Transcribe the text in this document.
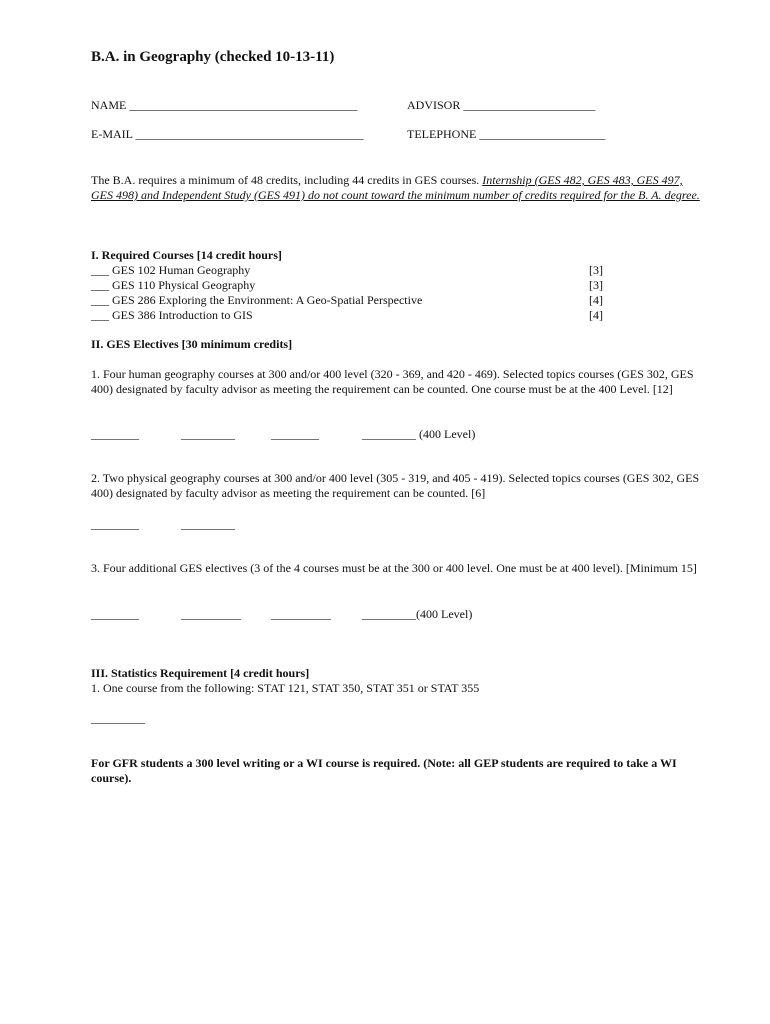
B.A. in Geography (checked 10-13-11)
NAME ______________________________________	ADVISOR ______________________
E-MAIL ______________________________________	TELEPHONE _____________________
The B.A. requires a minimum of 48 credits, including 44 credits in GES courses. Internship (GES 482, GES 483, GES 497, GES 498) and Independent Study (GES 491) do not count toward the minimum number of credits required for the B. A. degree.
I. Required Courses [14 credit hours]
___ GES 102 Human Geography	[3]
___ GES 110 Physical Geography	[3]
___ GES 286 Exploring the Environment: A Geo-Spatial Perspective	[4]
___ GES 386 Introduction to GIS	[4]
II. GES Electives [30 minimum credits]
1. Four human geography courses at 300 and/or 400 level (320 - 369, and 420 - 469). Selected topics courses (GES 302, GES 400) designated by faculty advisor as meeting the requirement can be counted. One course must be at the 400 Level. [12]
________	_________	________	_________ (400 Level)
2. Two physical geography courses at 300 and/or 400 level (305 - 319, and 405 - 419). Selected topics courses (GES 302, GES 400) designated by faculty advisor as meeting the requirement can be counted. [6]
________	_________
3. Four additional GES electives (3 of the 4 courses must be at the 300 or 400 level. One must be at 400 level). [Minimum 15]
________	__________	__________	_________(400 Level)
III. Statistics Requirement [4 credit hours]
1. One course from the following: STAT 121, STAT 350, STAT 351 or STAT 355
_________
For GFR students a 300 level writing or a WI course is required. (Note: all GEP students are required to take a WI course).
